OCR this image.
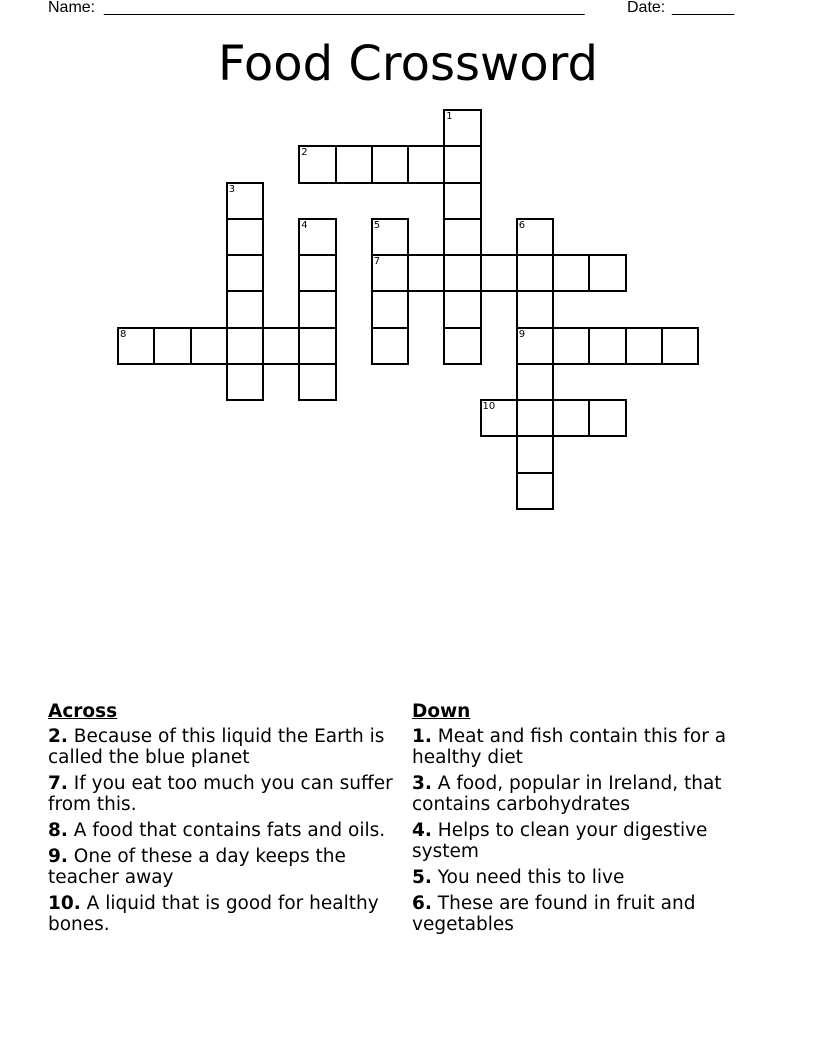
Name: ______________________________________________________	Date: _______
Food Crossword
1
2
3
4	5	6
7
8	9
10
Across
2. Because of this liquid the Earth is called the blue planet
7. If you eat too much you can suffer from this.
8. A food that contains fats and oils.
9. One of these a day keeps the teacher away
10. A liquid that is good for healthy bones.
Down
1. Meat and fish contain this for a healthy diet
3. A food, popular in Ireland, that contains carbohydrates
4. Helps to clean your digestive system
5. You need this to live
6. These are found in fruit and vegetables
